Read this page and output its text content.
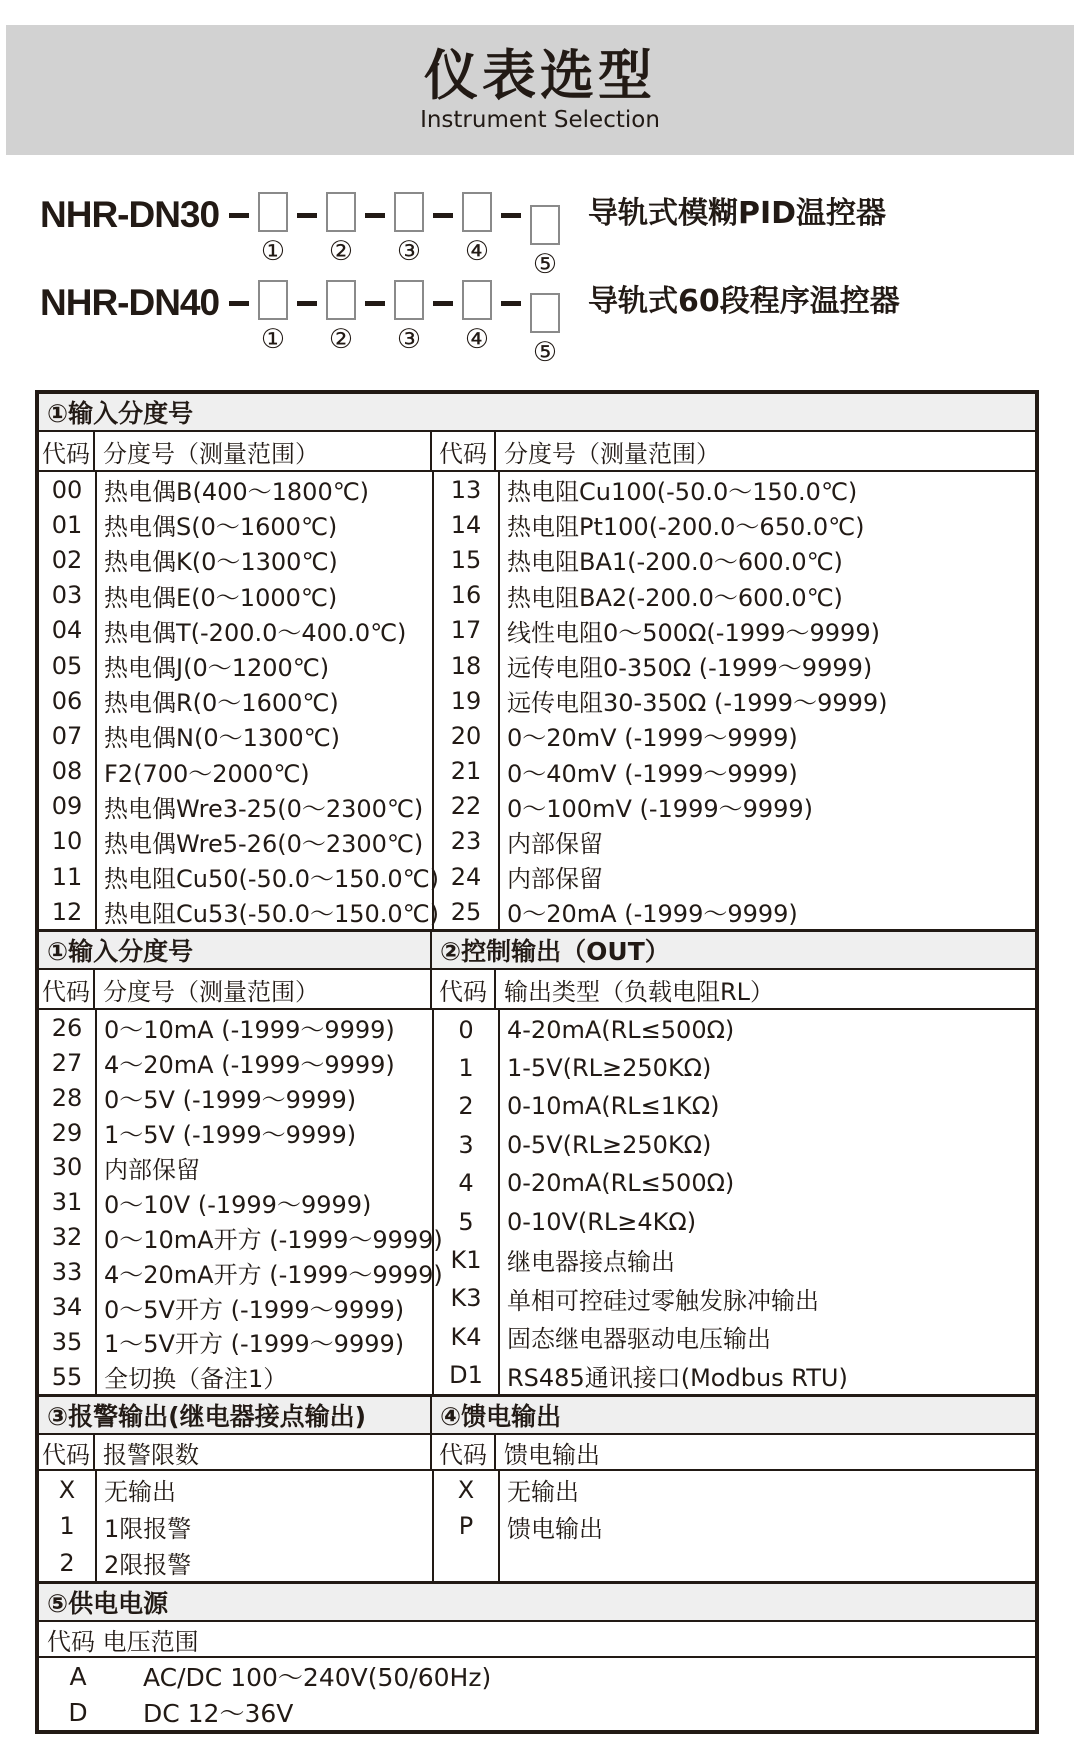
仪表选型
Instrument Selection
NHR-DN30
① ② ③ ④ ⑤
导轨式模糊PID温控器
NHR-DN40
① ② ③ ④ ⑤
导轨式60段程序温控器
①输入分度号
代码 分度号（测量范围）	代码 分度号（测量范围）
00 热电偶B(400～1800℃)
01 热电偶S(0～1600℃)
02 热电偶K(0～1300℃)
03 热电偶E(0～1000℃)
04 热电偶T(-200.0～400.0℃)
05 热电偶J(0～1200℃)
06 热电偶R(0～1600℃)
07 热电偶N(0～1300℃)
08 F2(700～2000℃)
09 热电偶Wre3-25(0～2300℃)
10 热电偶Wre5-26(0～2300℃)
11 热电阻Cu50(-50.0～150.0℃)
12 热电阻Cu53(-50.0～150.0℃)
13	热电阻Cu100(-50.0～150.0℃)
14	热电阻Pt100(-200.0～650.0℃)
15	热电阻BA1(-200.0～600.0℃)
16	热电阻BA2(-200.0～600.0℃)
17	线性电阻0～500Ω(-1999～9999)
18	远传电阻0-350Ω (-1999～9999)
19	远传电阻30-350Ω (-1999～9999)
20	0～20mV (-1999～9999)
21	0～40mV (-1999～9999)
22	0～100mV (-1999～9999)
23	内部保留
24	内部保留
25	0～20mA (-1999～9999)
①输入分度号	②控制输出（OUT）
代码 分度号（测量范围）	代码 输出类型（负载电阻RL）
26 0～10mA (-1999～9999)
27 4～20mA (-1999～9999)
28 0～5V (-1999～9999)
29 1～5V (-1999～9999)
30 内部保留
31 0～10V (-1999～9999)
32 0～10mA开方 (-1999～9999)
33 4～20mA开方 (-1999～9999)
34 0～5V开方 (-1999～9999)
35 1～5V开方 (-1999～9999)
55 全切换（备注1）
0	4-20mA(RL≤500Ω)
1	1-5V(RL≥250KΩ)
2	0-10mA(RL≤1KΩ)
3	0-5V(RL≥250KΩ)
4	0-20mA(RL≤500Ω)
5	0-10V(RL≥4KΩ)
K1	继电器接点输出
K3	单相可控硅过零触发脉冲输出
K4	固态继电器驱动电压输出
D1	RS485通讯接口(Modbus RTU)
③报警输出(继电器接点输出)	④馈电输出
代码 报警限数	代码 馈电输出
X	无输出
1	1限报警
2	2限报警
X	无输出
P	馈电输出
⑤供电电源
代码 电压范围
A	AC/DC 100～240V(50/60Hz)
D	DC 12～36V
